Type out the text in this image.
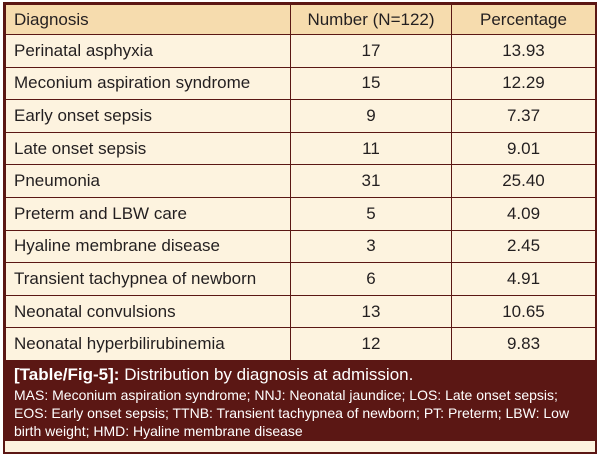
Diagnosis	Number (N=122)	Percentage
Perinatal asphyxia	17	13.93
Meconium aspiration syndrome	15	12.29
Early onset sepsis	9	7.37
Late onset sepsis	11	9.01
Pneumonia	31	25.40
Preterm and LBW care	5	4.09
Hyaline membrane disease	3	2.45
Transient tachypnea of newborn	6	4.91
Neonatal convulsions	13	10.65
Neonatal hyperbilirubinemia	12	9.83
[Table/Fig-5]: Distribution by diagnosis at admission.
MAS: Meconium aspiration syndrome; NNJ: Neonatal jaundice; LOS: Late onset sepsis; EOS: Early onset sepsis; TTNB: Transient tachypnea of newborn; PT: Preterm; LBW: Low birth weight; HMD: Hyaline membrane disease
